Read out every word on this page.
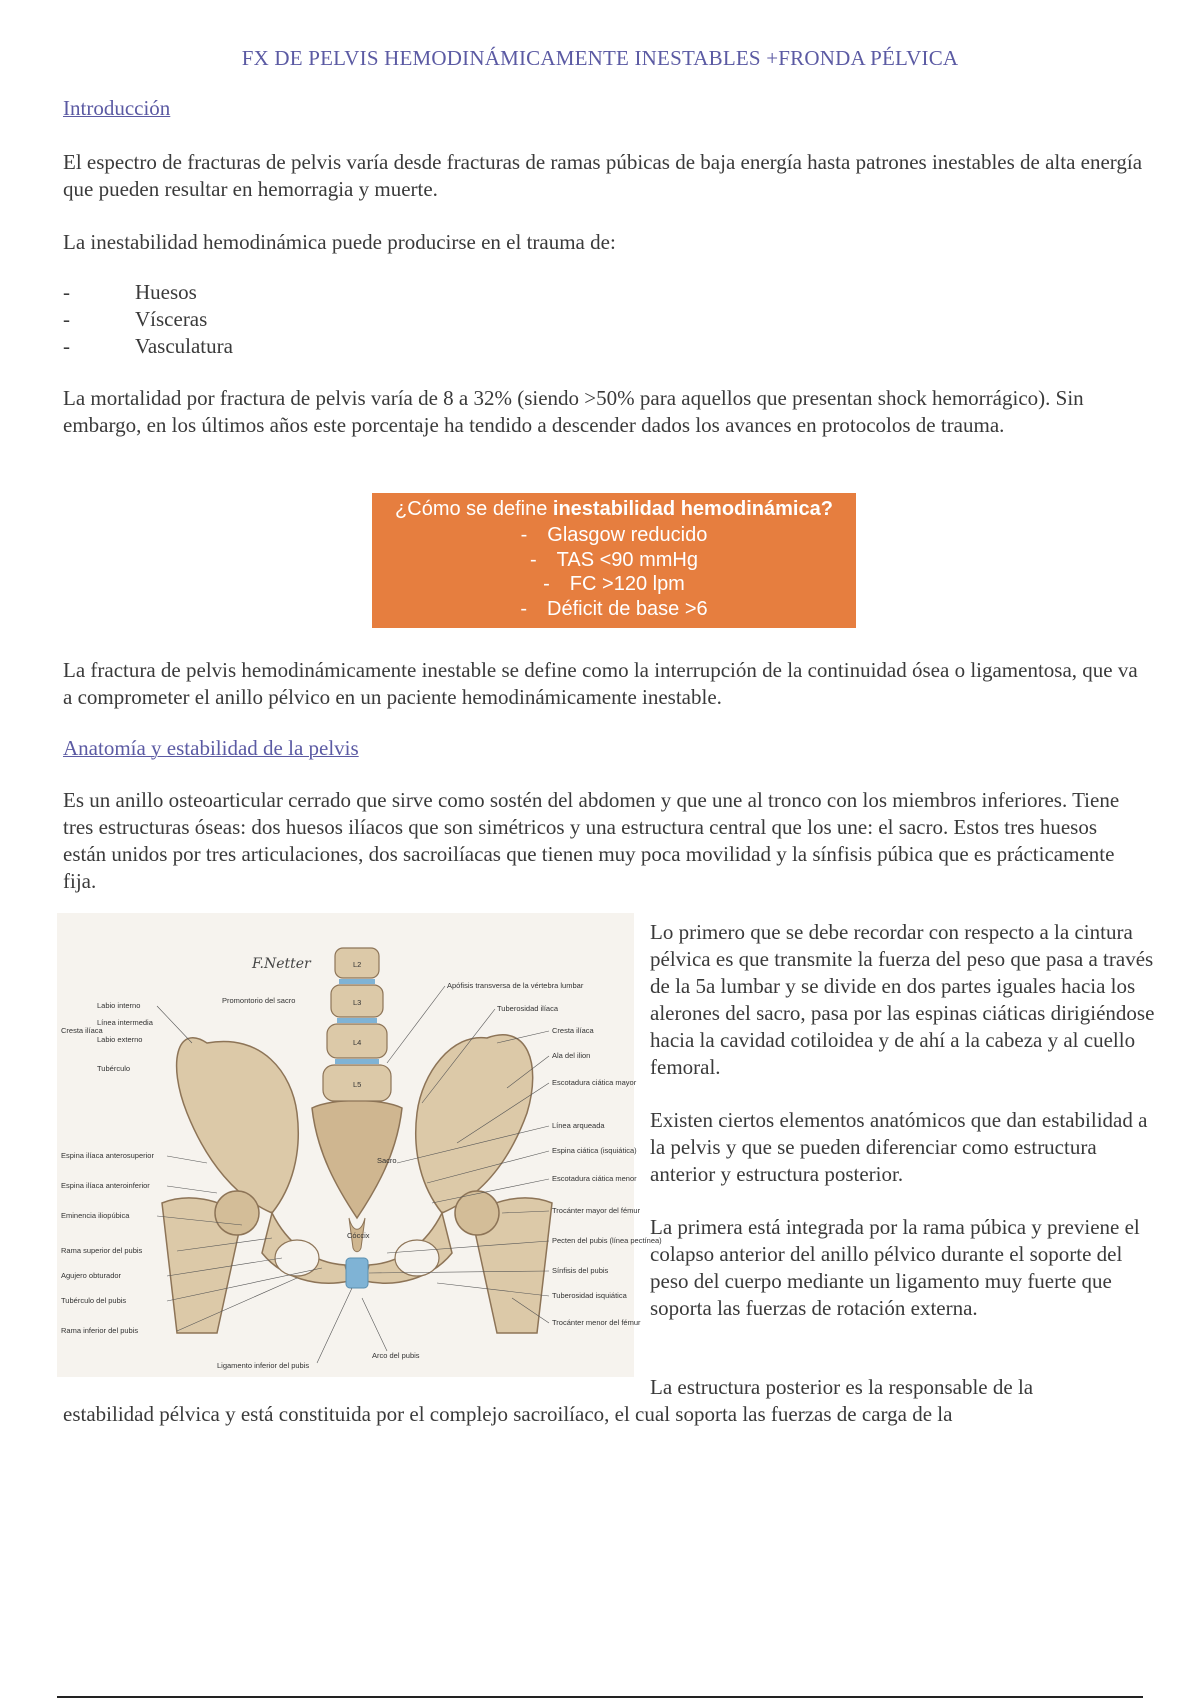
FX DE PELVIS HEMODINÁMICAMENTE INESTABLES +FRONDA PÉLVICA
Introducción

El espectro de fracturas de pelvis varía desde fracturas de ramas púbicas de baja energía hasta patrones inestables de alta energía que pueden resultar en hemorragia y muerte.

La inestabilidad hemodinámica puede producirse en el trauma de:

-	Huesos
-	Vísceras
-	Vasculatura

La mortalidad por fractura de pelvis varía de 8 a 32% (siendo >50% para aquellos que presentan shock hemorrágico). Sin embargo, en los últimos años este porcentaje ha tendido a descender dados los avances en protocolos de trauma.

¿Cómo se define inestabilidad hemodinámica?
- Glasgow reducido
- TAS <90 mmHg
- FC >120 lpm
- Déficit de base >6

La fractura de pelvis hemodinámicamente inestable se define como la interrupción de la continuidad ósea o ligamentosa, que va a comprometer el anillo pélvico en un paciente hemodinámicamente inestable.

Anatomía y estabilidad de la pelvis

Es un anillo osteoarticular cerrado que sirve como sostén del abdomen y que une al tronco con los miembros inferiores. Tiene tres estructuras óseas: dos huesos ilíacos que son simétricos y una estructura central que los une: el sacro. Estos tres huesos están unidos por tres articulaciones, dos sacroilíacas que tienen muy poca movilidad y la sínfisis púbica que es prácticamente fija.

F.Netter	L2
L3
L4
L5
Sacro
Cóccix
Labio interno
Línea intermedia
Labio externo
Tubérculo
Cresta ilíaca
Promontorio del sacro
Espina ilíaca anterosuperior
Espina ilíaca anteroinferior
Eminencia iliopúbica
Rama superior del pubis
Agujero obturador
Tubérculo del pubis
Rama inferior del pubis
Apófisis transversa de la vértebra lumbar
Tuberosidad ilíaca
Cresta ilíaca
Ala del ilion
Escotadura ciática mayor
Línea arqueada
Espina ciática (isquiática)
Escotadura ciática menor
Trocánter mayor del fémur
Pecten del pubis (línea pectínea)
Sínfisis del pubis
Tuberosidad isquiática
Trocánter menor del fémur
Ligamento inferior del pubis
Arco del pubis

Lo primero que se debe recordar con respecto a la cintura pélvica es que transmite la fuerza del peso que pasa a través de la 5a lumbar y se divide en dos partes iguales hacia los alerones del sacro, pasa por las espinas ciáticas dirigiéndose hacia la cavidad cotiloidea y de ahí a la cabeza y al cuello femoral.

Existen ciertos elementos anatómicos que dan estabilidad a la pelvis y que se pueden diferenciar como estructura anterior y estructura posterior.

La primera está integrada por la rama púbica y previene el colapso anterior del anillo pélvico durante el soporte del peso del cuerpo mediante un ligamento muy fuerte que soporta las fuerzas de rotación externa.

La estructura posterior es la responsable de la

estabilidad pélvica y está constituida por el complejo sacroilíaco, el cual soporta las fuerzas de carga de la
